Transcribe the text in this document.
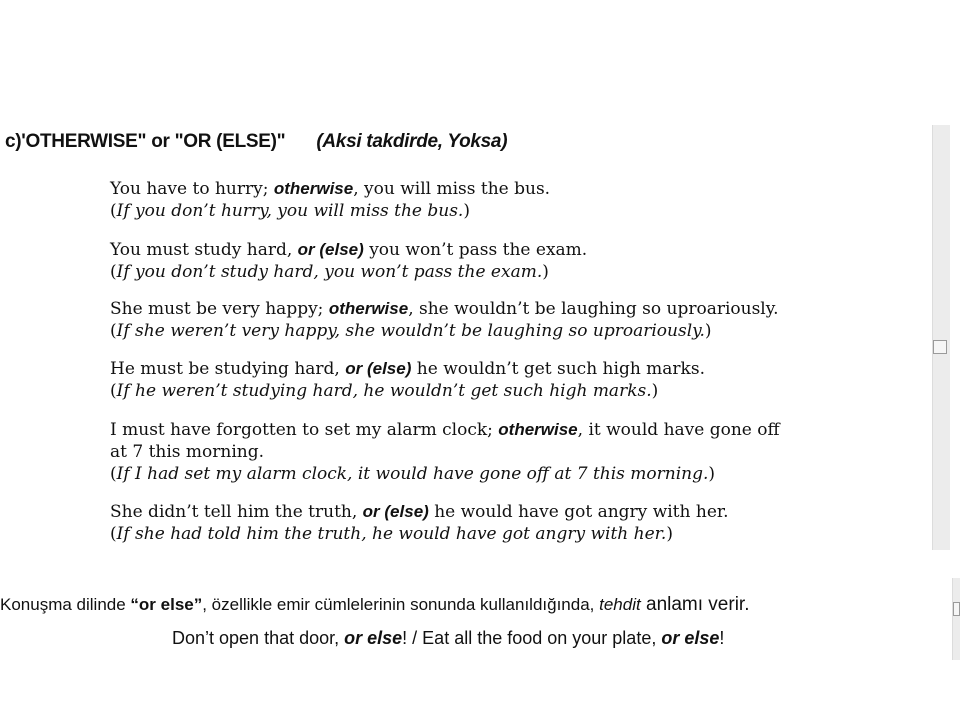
c)'OTHERWISE" or "OR (ELSE)" (Aksi takdirde, Yoksa)
You have to hurry; otherwise, you will miss the bus.
(If you don’t hurry, you will miss the bus.)
You must study hard, or (else) you won’t pass the exam.
(If you don’t study hard, you won’t pass the exam.)
She must be very happy; otherwise, she wouldn’t be laughing so uproariously.
(If she weren’t very happy, she wouldn’t be laughing so uproariously.)
He must be studying hard, or (else) he wouldn’t get such high marks.
(If he weren’t studying hard, he wouldn’t get such high marks.)
I must have forgotten to set my alarm clock; otherwise, it would have gone off
at 7 this morning.
(If I had set my alarm clock, it would have gone off at 7 this morning.)
She didn’t tell him the truth, or (else) he would have got angry with her.
(If she had told him the truth, he would have got angry with her.)
Konuşma dilinde “or else”, özellikle emir cümlelerinin sonunda kullanıldığında, tehdit anlamı verir.
Don’t open that door, or else! / Eat all the food on your plate, or else!
